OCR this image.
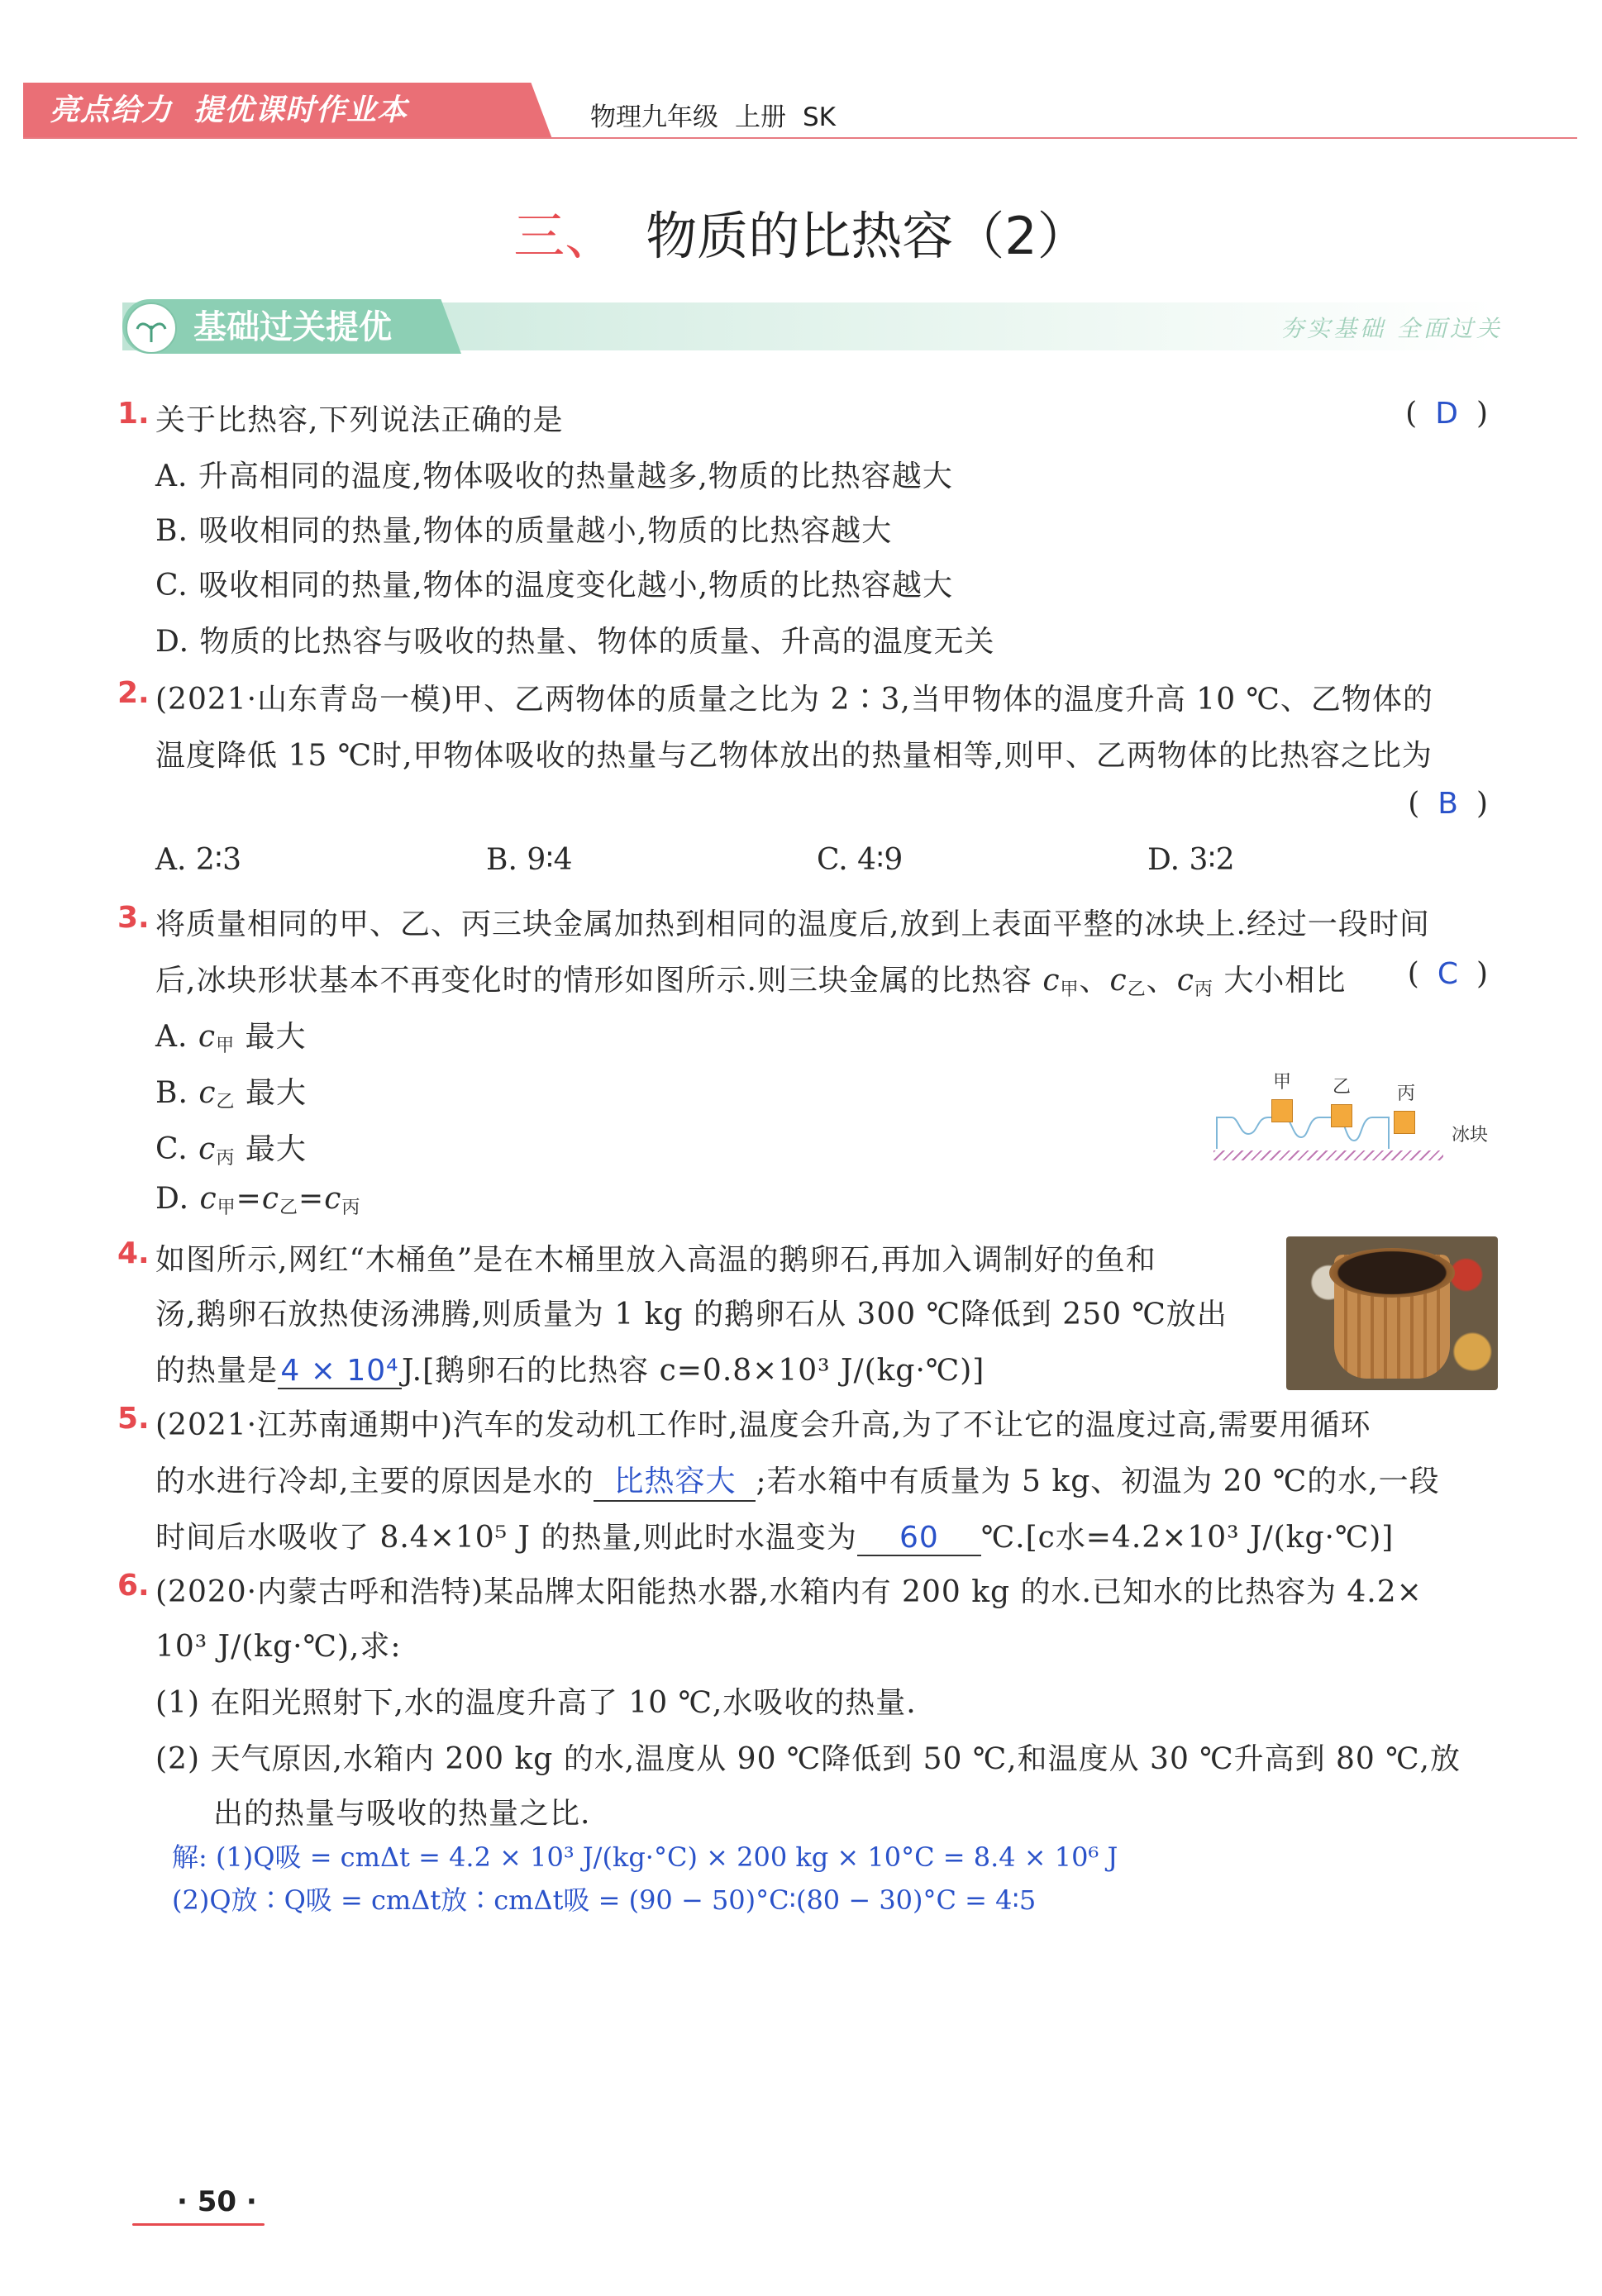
亮点给力 提优课时作业本	物理九年级 上册 SK
三、 物质的比热容（2）
基础过关提优	夯实基础 全面过关
1. 关于比热容,下列说法正确的是	( D )
A. 升高相同的温度,物体吸收的热量越多,物质的比热容越大
B. 吸收相同的热量,物体的质量越小,物质的比热容越大
C. 吸收相同的热量,物体的温度变化越小,物质的比热容越大
D. 物质的比热容与吸收的热量、物体的质量、升高的温度无关
2. (2021·山东青岛一模)甲、乙两物体的质量之比为 2∶3,当甲物体的温度升高 10 ℃、乙物体的
温度降低 15 ℃时,甲物体吸收的热量与乙物体放出的热量相等,则甲、乙两物体的比热容之比为
( B )
A. 2∶3	B. 9∶4	C. 4∶9	D. 3∶2
3. 将质量相同的甲、乙、丙三块金属加热到相同的温度后,放到上表面平整的冰块上.经过一段时间
后,冰块形状基本不再变化时的情形如图所示.则三块金属的比热容 $c_甲$、$c_乙$、$c_丙$ 大小相比 ( C )
A. $c_甲$ 最大
B. $c_乙$ 最大
C. $c_丙$ 最大
D. $c_甲=c_乙=c_丙$
甲 乙	丙
冰块
4. 如图所示,网红“木桶鱼”是在木桶里放入高温的鹅卵石,再加入调制好的鱼和
汤,鹅卵石放热使汤沸腾,则质量为 1 kg 的鹅卵石从 300 ℃降低到 250 ℃放出
的热量是4 × 10⁴J.[鹅卵石的比热容 c=0.8×10³ J/(kg·℃)]
5. (2021·江苏南通期中)汽车的发动机工作时,温度会升高,为了不让它的温度过高,需要用循环
的水进行冷却,主要的原因是水的 比热容大 ;若水箱中有质量为 5 kg、初温为 20 ℃的水,一段
时间后水吸收了 8.4×10⁵ J 的热量,则此时水温变为 60 ℃.[c水=4.2×10³ J/(kg·℃)]
6. (2020·内蒙古呼和浩特)某品牌太阳能热水器,水箱内有 200 kg 的水.已知水的比热容为 4.2×
10³ J/(kg·℃),求:
(1) 在阳光照射下,水的温度升高了 10 ℃,水吸收的热量.
(2) 天气原因,水箱内 200 kg 的水,温度从 90 ℃降低到 50 ℃,和温度从 30 ℃升高到 80 ℃,放
出的热量与吸收的热量之比.
解: (1)Q吸 = cmΔt = 4.2 × 10³ J/(kg·°C) × 200 kg × 10°C = 8.4 × 10⁶ J
(2)Q放∶Q吸 = cmΔt放∶cmΔt吸 = (90 − 50)°C∶(80 − 30)°C = 4∶5
· 50 ·
